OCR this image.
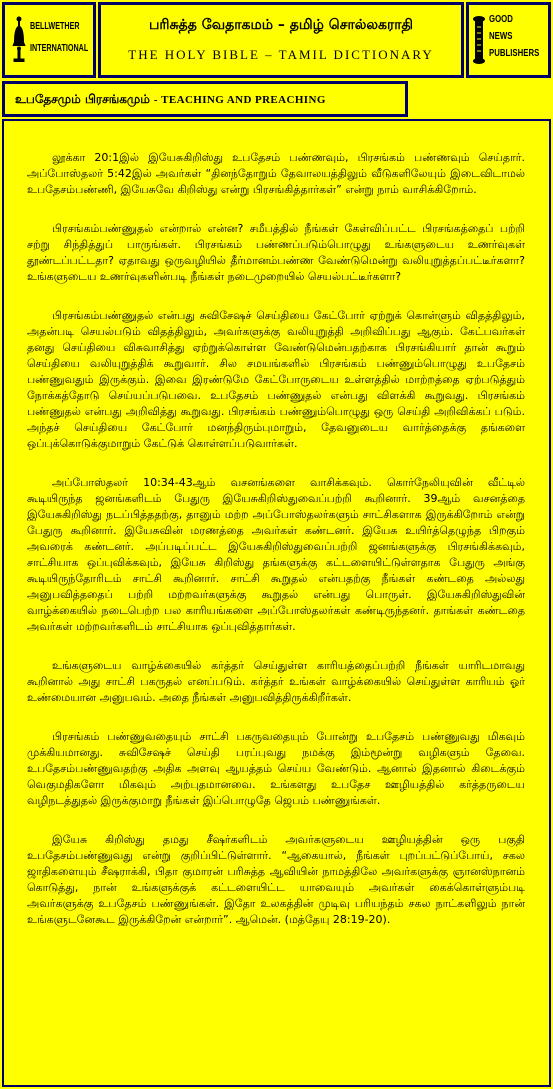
BELLWETHER
INTERNATIONAL
பரிசுத்த வேதாகமம் – தமிழ் சொல்லகராதி
THE HOLY BIBLE – TAMIL DICTIONARY
GOOD
NEWS
PUBLISHERS
உபதேசமும் பிரசங்கமும் - TEACHING AND PREACHING

லூக்கா 20:1இல் இயேசுகிறிஸ்து உபதேசம் பண்ணவும், பிரசங்கம் பண்ணவும் செய்தார். அப்போஸ்தலர் 5:42இல் அவர்கள் “தினந்தோறும் தேவாலயத்திலும் வீடுகளிலேயும் இடைவிடாமல் உபதேசம்பண்ணி, இயேசுவே கிறிஸ்து என்று பிரசங்கித்தார்கள்” என்று நாம் வாசிக்கிறோம்.

பிரசங்கம்பண்ணுதல் என்றால் என்ன? சமீபத்தில் நீங்கள் கேள்விப்பட்ட பிரசங்கத்தைப் பற்றி சற்று சிந்தித்துப் பாருங்கள். பிரசங்கம் பண்ணப்படும்பொழுது உங்களுடைய உணர்வுகள் தூண்டப்பட்டதா? ஏதாவது ஒருவழியில் தீர்மானம்பண்ண வேண்டுமென்று வலியுறுத்தப்பட்டீர்களா? உங்களுடைய உணர்வுகளின்படி நீங்கள் நடைமுறையில் செயல்பட்டீர்களா?

பிரசங்கம்பண்ணுதல் என்பது சுவிசேஷச் செய்தியை கேட்போர் ஏற்றுக் கொள்ளும் விதத்திலும், அதன்படி செயல்படும் விதத்திலும், அவர்களுக்கு வலியுறுத்தி அறிவிப்பது ஆகும். கேட்பவர்கள் தனது செய்தியை விசுவாசித்து ஏற்றுக்கொள்ள வேண்டுமென்பதற்காக பிரசங்கியார் தான் கூறும் செய்தியை வலியுறுத்திக் கூறுவார். சில சமயங்களில் பிரசங்கம் பண்ணும்பொழுது உபதேசம் பண்ணுவதும் இருக்கும். இவை இரண்டுமே கேட்போருடைய உள்ளத்தில் மாற்றத்தை ஏற்படுத்தும் நோக்கத்தோடு செய்யப்படுபவை. உபதேசம் பண்ணுதல் என்பது விளக்கி கூறுவது. பிரசங்கம் பண்ணுதல் என்பது அறிவித்து கூறுவது. பிரசங்கம் பண்ணும்பொழுது ஒரு செய்தி அறிவிக்கப் படும். அந்தச் செய்தியை கேட்போர் மனந்திரும்புமாறும், தேவனுடைய வார்த்தைக்கு தங்களை ஒப்புக்கொடுக்குமாறும் கேட்டுக் கொள்ளப்படுவார்கள்.

அப்போஸ்தலர் 10:34-43ஆம் வசனங்களை வாசிக்கவும். கொர்நேலியுவின் வீட்டில் கூடியிருந்த ஜனங்களிடம் பேதுரு இயேசுகிறிஸ்துவைப்பற்றி கூறினார். 39ஆம் வசனத்தை இயேசுகிறிஸ்து நடப்பித்ததற்கு, தானும் மற்ற அப்போஸ்தலர்களும் சாட்சிகளாக இருக்கிறோம் என்று பேதுரு கூறினார். இயேசுவின் மரணத்தை அவர்கள் கண்டனர். இயேசு உயிர்த்தெழுந்த பிறகும் அவரைக் கண்டனர். அப்படிப்பட்ட இயேசுகிறிஸ்துவைப்பற்றி ஜனங்களுக்கு பிரசங்கிக்கவும், சாட்சியாக ஒப்புவிக்கவும், இயேசு கிறிஸ்து தங்களுக்கு கட்டளையிட்டுள்ளதாக பேதுரு அங்கு கூடியிருந்தோரிடம் சாட்சி கூறினார். சாட்சி கூறுதல் என்பதற்கு நீங்கள் கண்டதை அல்லது அனுபவித்ததைப் பற்றி மற்றவர்களுக்கு கூறுதல் என்பது பொருள். இயேசுகிறிஸ்துவின் வாழ்க்கையில் நடைபெற்ற பல காரியங்களை அப்போஸ்தலர்கள் கண்டிருந்தனர். தாங்கள் கண்டதை அவர்கள் மற்றவர்களிடம் சாட்சியாக ஒப்புவித்தார்கள்.

உங்களுடைய வாழ்க்கையில் கர்த்தர் செய்துள்ள காரியத்தைப்பற்றி நீங்கள் யாரிடமாவது கூறினால் அது சாட்சி பகருதல் எனப்படும். கர்த்தர் உங்கள் வாழ்க்கையில் செய்துள்ள காரியம் ஓர் உண்மையான அனுபவம். அதை நீங்கள் அனுபவித்திருக்கிறீர்கள்.

பிரசங்கம் பண்ணுவதையும் சாட்சி பகருவதையும் போன்று உபதேசம் பண்ணுவது மிகவும் முக்கியமானது. சுவிசேஷச் செய்தி பரப்புவது நமக்கு இம்மூன்று வழிகளும் தேவை. உபதேசம்பண்ணுவதற்கு அதிக அளவு ஆயத்தம் செய்ய வேண்டும். ஆனால் இதனால் கிடைக்கும் வெகுமதிகளோ மிகவும் அற்புதமானவை. உங்களது உபதேச ஊழியத்தில் கர்த்தருடைய வழிநடத்துதல் இருக்குமாறு நீங்கள் இப்பொழுதே ஜெபம் பண்ணுங்கள்.

இயேசு கிறிஸ்து தமது சீஷர்களிடம் அவர்களுடைய ஊழியத்தின் ஒரு பகுதி உபதேசம்பண்ணுவது என்று குறிப்பிட்டுள்ளார். “ஆகையால், நீங்கள் புறப்பட்டுப்போய், சகல ஜாதிகளையும் சீஷராக்கி, பிதா குமாரன் பரிசுத்த ஆவியின் நாமத்திலே அவர்களுக்கு ஞானஸ்நானம் கொடுத்து, நான் உங்களுக்குக் கட்டளையிட்ட யாவையும் அவர்கள் கைக்கொள்ளும்படி அவர்களுக்கு உபதேசம் பண்ணுங்கள். இதோ உலகத்தின் முடிவு பரியந்தம் சகல நாட்களிலும் நான் உங்களுடனேகூட இருக்கிறேன் என்றார்”. ஆமென். (மத்தேயு 28:19-20).
